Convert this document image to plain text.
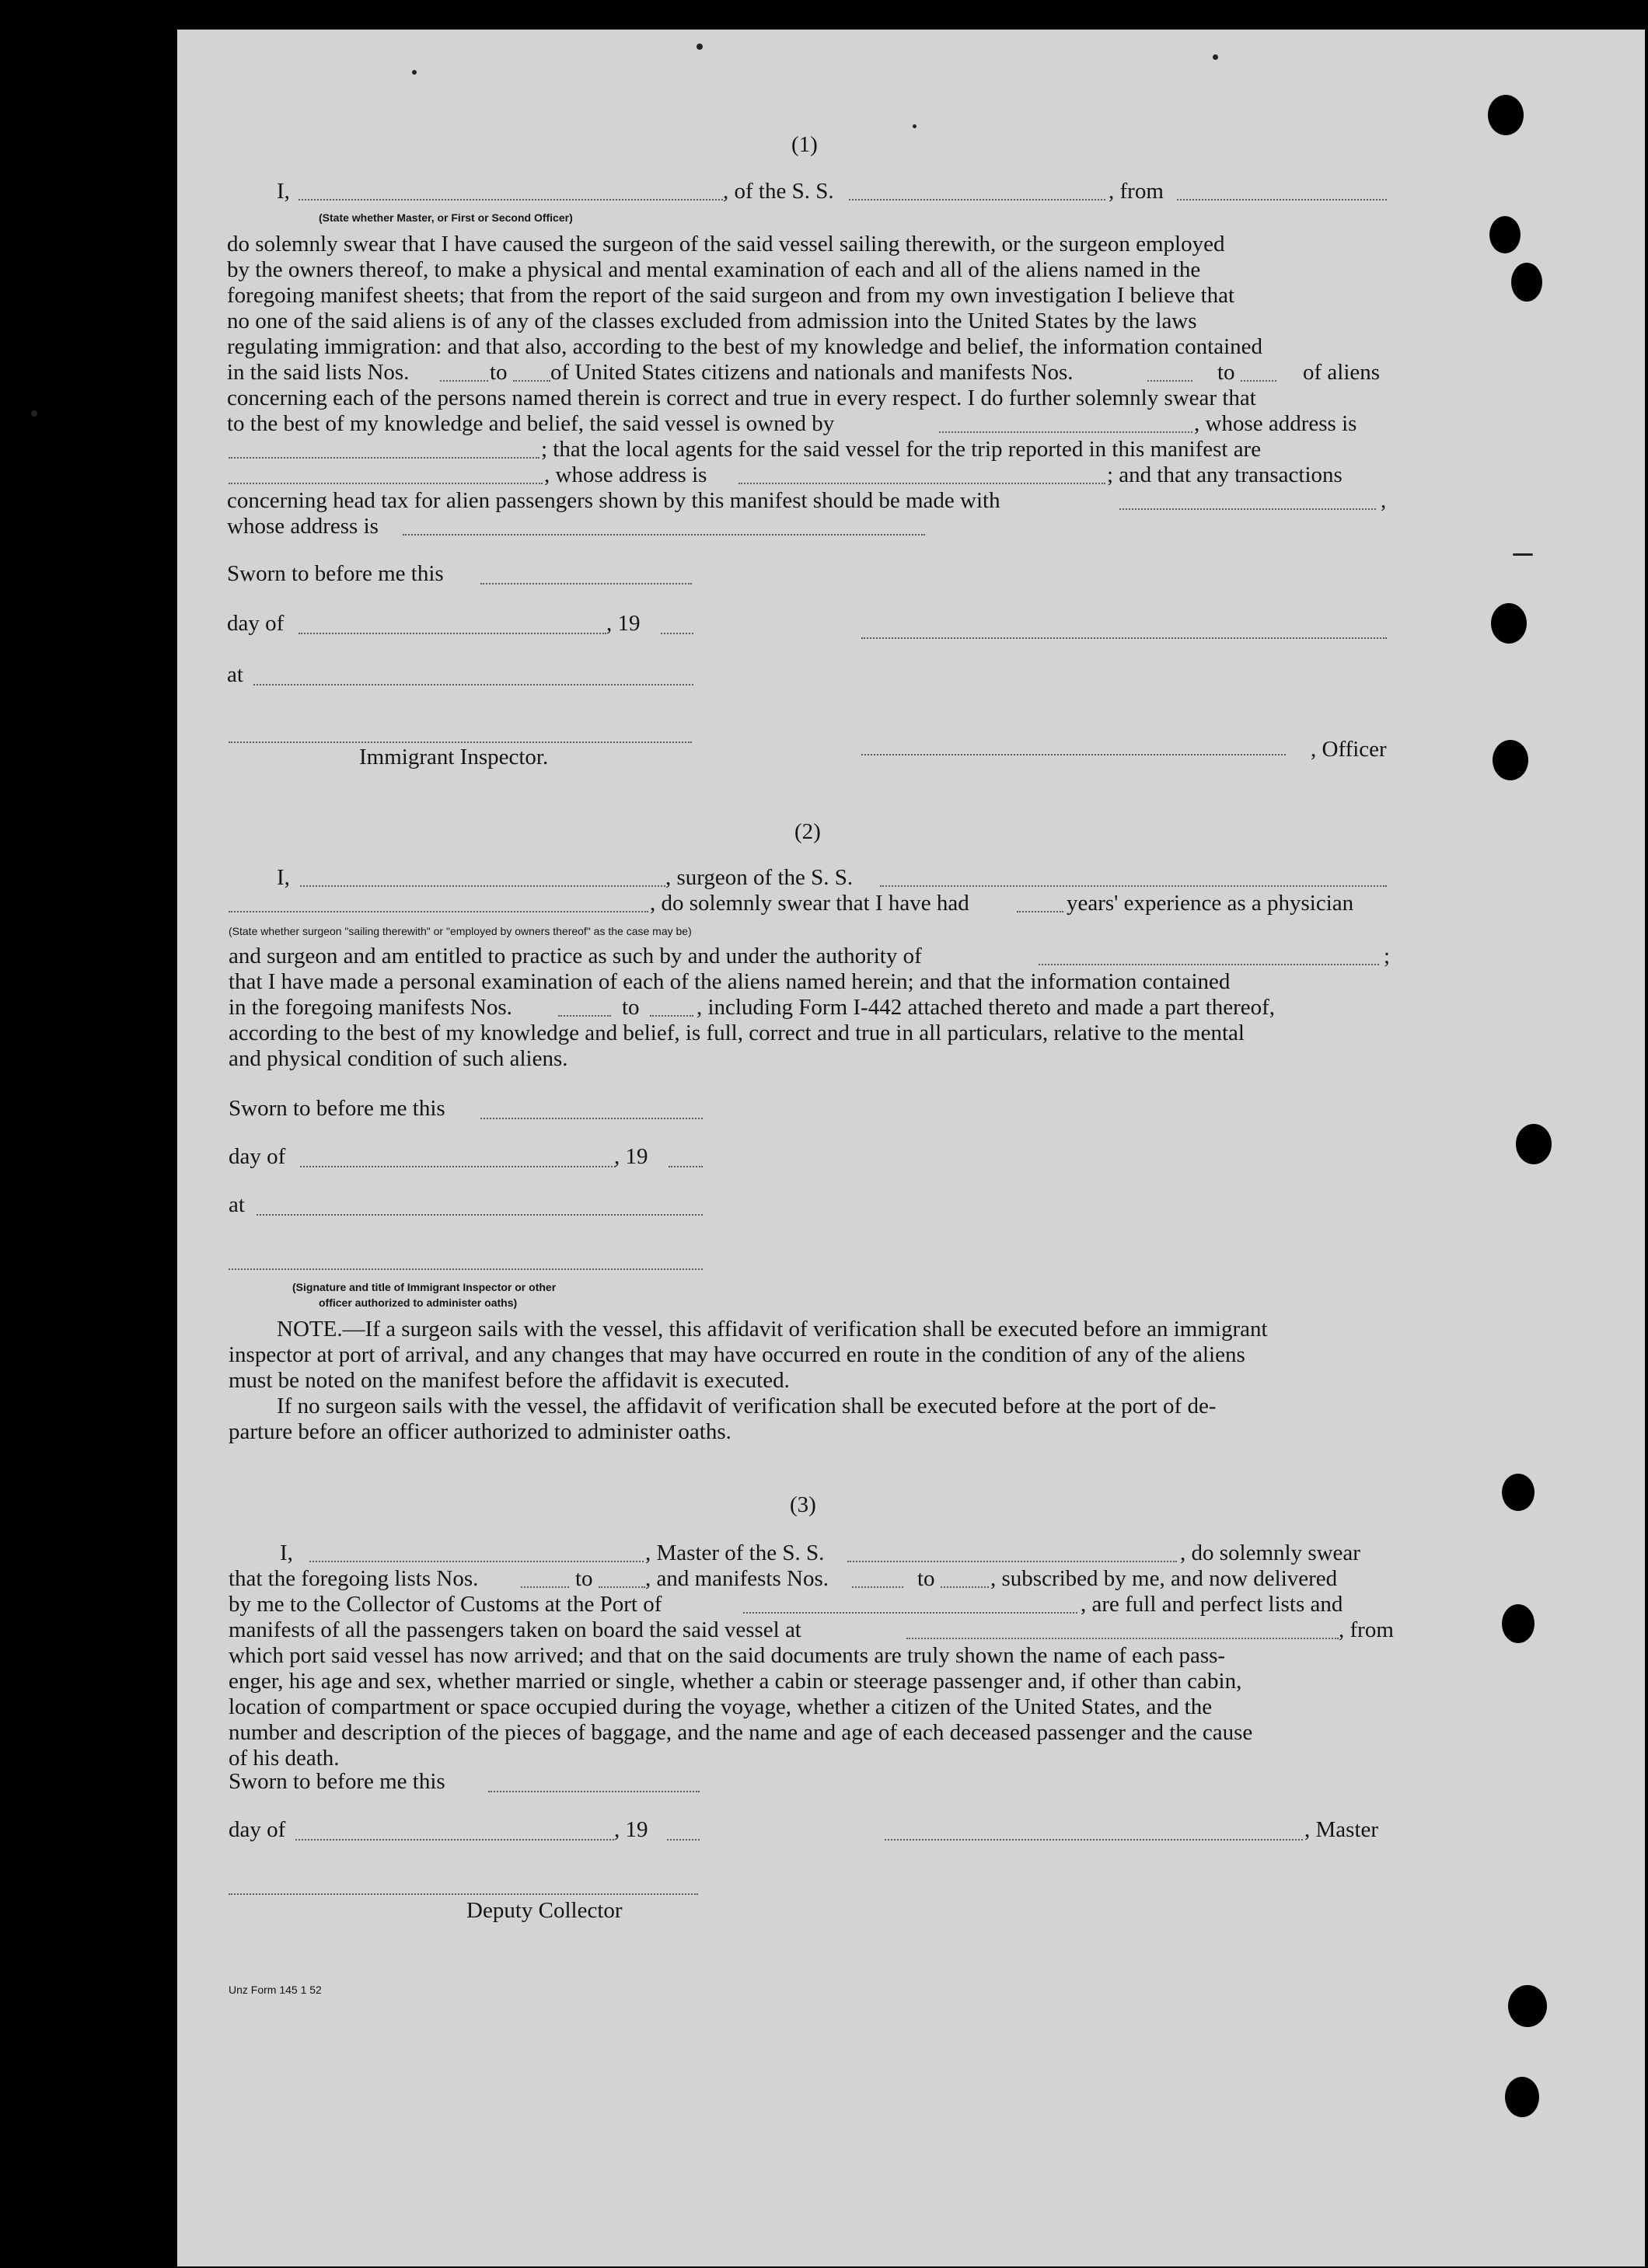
(1)
I,	, of the S. S.	, from
(State whether Master, or First or Second Officer)
do solemnly swear that I have caused the surgeon of the said vessel sailing therewith, or the surgeon employed
by the owners thereof, to make a physical and mental examination of each and all of the aliens named in the
foregoing manifest sheets; that from the report of the said surgeon and from my own investigation I believe that
no one of the said aliens is of any of the classes excluded from admission into the United States by the laws
regulating immigration: and that also, according to the best of my knowledge and belief, the information contained
in the said lists Nos.	to of United States citizens and nationals and manifests Nos.	to	of aliens
concerning each of the persons named therein is correct and true in every respect. I do further solemnly swear that
to the best of my knowledge and belief, the said vessel is owned by	, whose address is
; that the local agents for the said vessel for the trip reported in this manifest are
, whose address is	; and that any transactions
concerning head tax for alien passengers shown by this manifest should be made with	,
whose address is
Sworn to before me this
day of	, 19
at
, Officer
Immigrant Inspector.
(2)
I,	, surgeon of the S. S.
, do solemnly swear that I have had	years' experience as a physician
(State whether surgeon "sailing therewith" or "employed by owners thereof" as the case may be)
and surgeon and am entitled to practice as such by and under the authority of	;
that I have made a personal examination of each of the aliens named herein; and that the information contained
in the foregoing manifests Nos.	to	, including Form I-442 attached thereto and made a part thereof,
according to the best of my knowledge and belief, is full, correct and true in all particulars, relative to the mental
and physical condition of such aliens.
Sworn to before me this
day of	, 19
at
(Signature and title of Immigrant Inspector or other
officer authorized to administer oaths)
NOTE.—If a surgeon sails with the vessel, this affidavit of verification shall be executed before an immigrant
inspector at port of arrival, and any changes that may have occurred en route in the condition of any of the aliens
must be noted on the manifest before the affidavit is executed.
If no surgeon sails with the vessel, the affidavit of verification shall be executed before at the port of de-
parture before an officer authorized to administer oaths.
(3)
I,	, Master of the S. S.	, do solemnly swear
that the foregoing lists Nos.	to , and manifests Nos.	to , subscribed by me, and now delivered
by me to the Collector of Customs at the Port of	, are full and perfect lists and
manifests of all the passengers taken on board the said vessel at	, from
which port said vessel has now arrived; and that on the said documents are truly shown the name of each pass-
enger, his age and sex, whether married or single, whether a cabin or steerage passenger and, if other than cabin,
location of compartment or space occupied during the voyage, whether a citizen of the United States, and the
number and description of the pieces of baggage, and the name and age of each deceased passenger and the cause
of his death.
Sworn to before me this
day of	, 19	, Master
Deputy Collector
Unz Form 145 1 52
